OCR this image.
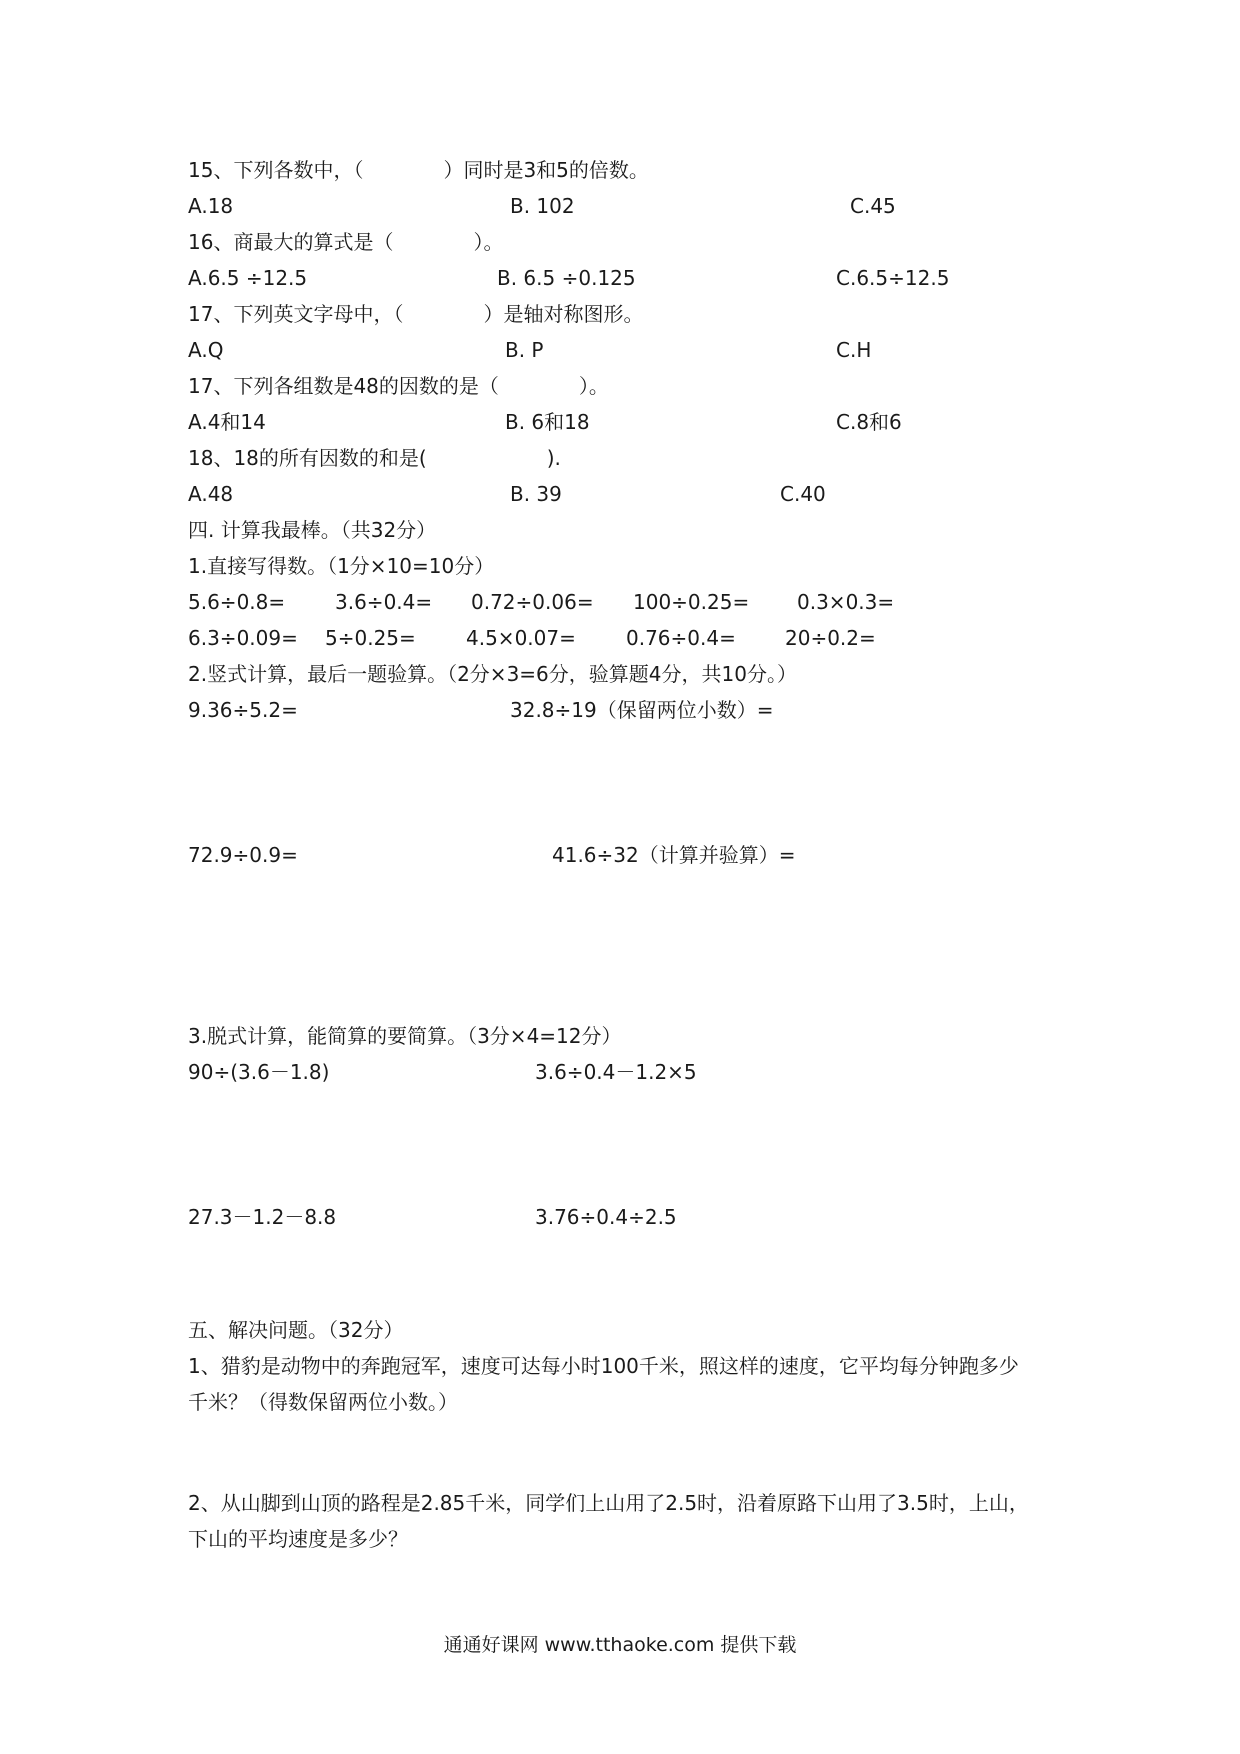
15、下列各数中，（　　　　）同时是3和5的倍数。
A.18	B. 102	C.45
16、商最大的算式是（　　　　）。
A.6.5 ÷12.5	B. 6.5 ÷0.125	C.6.5÷12.5
17、下列英文字母中，（　　　　）是轴对称图形。
A.Q	B. P	C.H
17、下列各组数是48的因数的是（　　　　）。
A.4和14	B. 6和18	C.8和6
18、18的所有因数的和是(　　　　　　).
A.48	B. 39	C.40
四. 计算我最棒。（共32分）
1.直接写得数。（1分×10=10分）
5.6÷0.8= 3.6÷0.4= 0.72÷0.06= 100÷0.25= 0.3×0.3=
6.3÷0.09= 5÷0.25=	4.5×0.07=	0.76÷0.4= 20÷0.2=
2.竖式计算，最后一题验算。（2分×3=6分，验算题4分，共10分。）
9.36÷5.2=	32.8÷19（保留两位小数）=
72.9÷0.9=	41.6÷32（计算并验算）=
3.脱式计算，能简算的要简算。（3分×4=12分）
90÷(3.6－1.8)	3.6÷0.4－1.2×5
27.3－1.2－8.8	3.76÷0.4÷2.5
五、解决问题。（32分）
1、猎豹是动物中的奔跑冠军，速度可达每小时100千米，照这样的速度，它平均每分钟跑多少
千米？（得数保留两位小数。）
2、从山脚到山顶的路程是2.85千米，同学们上山用了2.5时，沿着原路下山用了3.5时，上山，
下山的平均速度是多少？
通通好课网 www.tthaoke.com 提供下载
